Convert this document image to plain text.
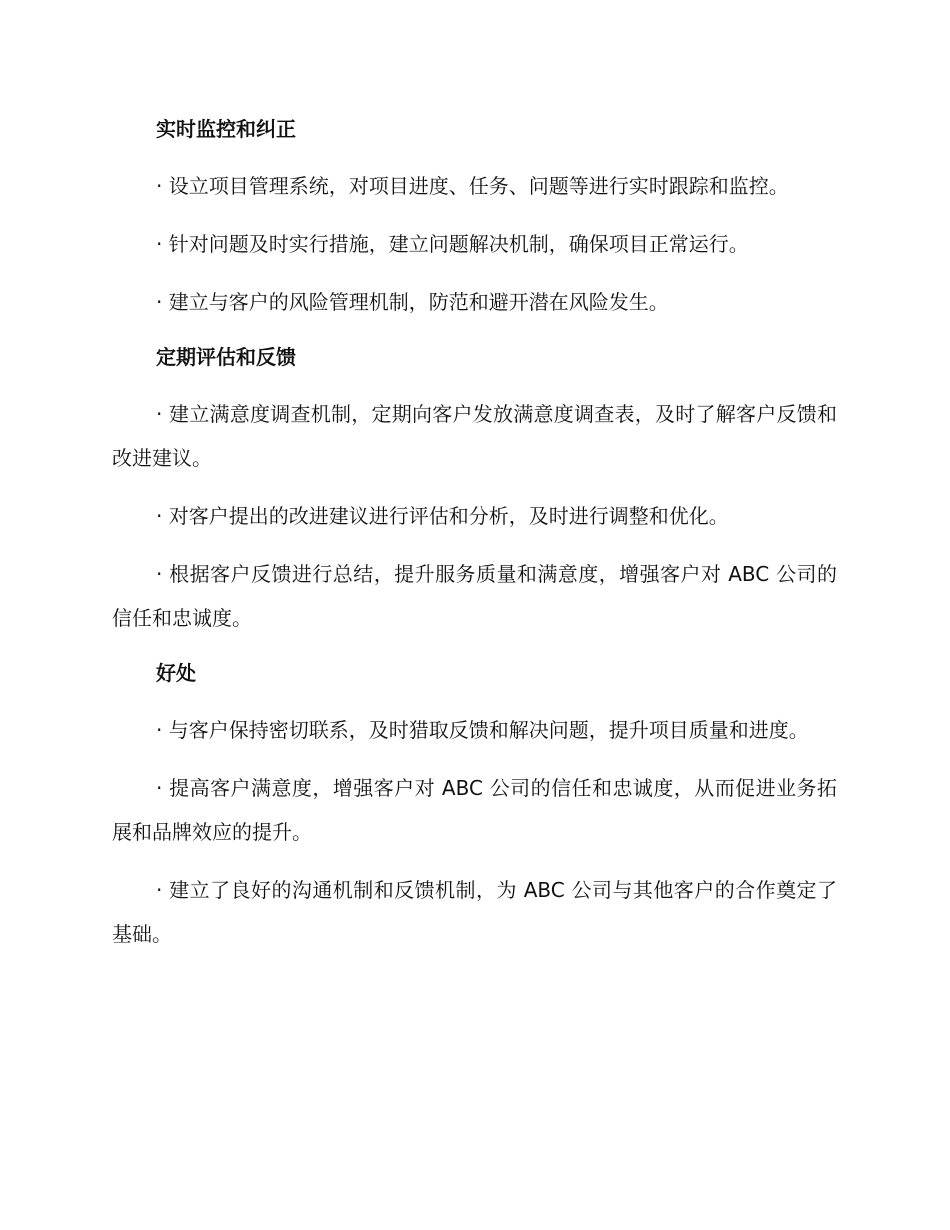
实时监控和纠正

· 设立项目管理系统，对项目进度、任务、问题等进行实时跟踪和监控。

· 针对问题及时实行措施，建立问题解决机制，确保项目正常运行。

· 建立与客户的风险管理机制，防范和避开潜在风险发生。

定期评估和反馈

· 建立满意度调查机制，定期向客户发放满意度调查表，及时了解客户反馈和改进建议。

· 对客户提出的改进建议进行评估和分析，及时进行调整和优化。

· 根据客户反馈进行总结，提升服务质量和满意度，增强客户对 ABC 公司的信任和忠诚度。

好处

· 与客户保持密切联系，及时猎取反馈和解决问题，提升项目质量和进度。

· 提高客户满意度，增强客户对 ABC 公司的信任和忠诚度，从而促进业务拓展和品牌效应的提升。

· 建立了良好的沟通机制和反馈机制，为 ABC 公司与其他客户的合作奠定了基础。
